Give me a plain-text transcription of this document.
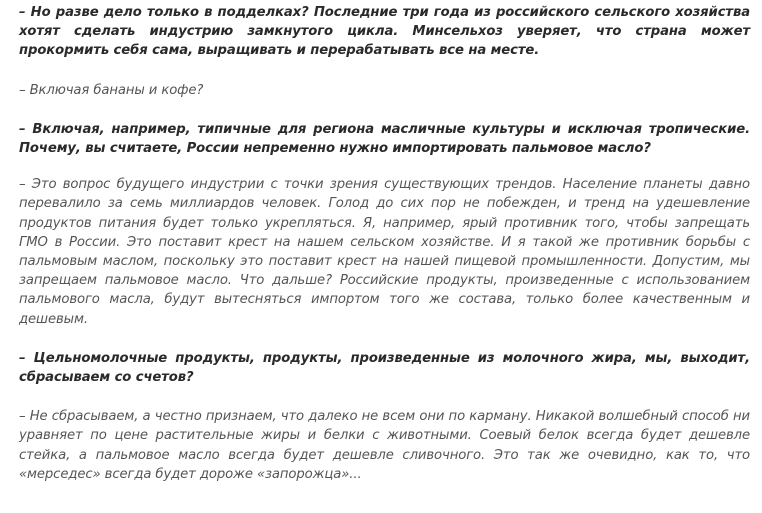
– Но разве дело только в подделках? Последние три года из российского сельского хозяйства хотят сделать индустрию замкнутого цикла. Минсельхоз уверяет, что страна может прокормить себя сама, выращивать и перерабатывать все на месте.

– Включая бананы и кофе?

– Включая, например, типичные для региона масличные культуры и исключая тропические. Почему, вы считаете, России непременно нужно импортировать пальмовое масло?

– Это вопрос будущего индустрии с точки зрения существующих трендов. Население планеты давно перевалило за семь миллиардов человек. Голод до сих пор не побежден, и тренд на удешевление продуктов питания будет только укрепляться. Я, например, ярый противник того, чтобы запрещать ГМО в России. Это поставит крест на нашем сельском хозяйстве. И я такой же противник борьбы с пальмовым маслом, поскольку это поставит крест на нашей пищевой промышленности. Допустим, мы запрещаем пальмовое масло. Что дальше? Российские продукты, произведенные с использованием пальмового масла, будут вытесняться импортом того же состава, только более качественным и дешевым.

– Цельномолочные продукты, продукты, произведенные из молочного жира, мы, выходит, сбрасываем со счетов?

– Не сбрасываем, а честно признаем, что далеко не всем они по карману. Никакой волшебный способ ни уравняет по цене растительные жиры и белки с животными. Соевый белок всегда будет дешевле стейка, а пальмовое масло всегда будет дешевле сливочного. Это так же очевидно, как то, что «мерседес» всегда будет дороже «запорожца»...
